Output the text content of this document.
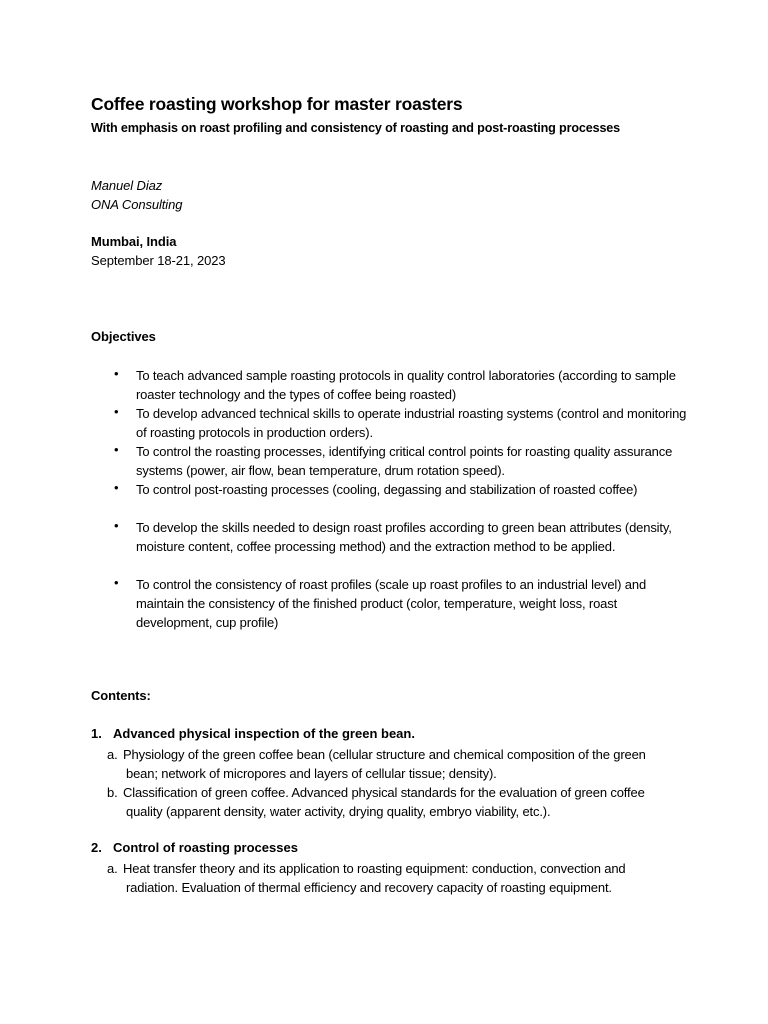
Coffee roasting workshop for master roasters
With emphasis on roast profiling and consistency of roasting and post-roasting processes
Manuel Diaz
ONA Consulting
Mumbai, India
September 18-21, 2023
Objectives
• To teach advanced sample roasting protocols in quality control laboratories (according to sample roaster technology and the types of coffee being roasted)
• To develop advanced technical skills to operate industrial roasting systems (control and monitoring of roasting protocols in production orders).
• To control the roasting processes, identifying critical control points for roasting quality assurance systems (power, air flow, bean temperature, drum rotation speed).
• To control post-roasting processes (cooling, degassing and stabilization of roasted coffee)
• To develop the skills needed to design roast profiles according to green bean attributes (density, moisture content, coffee processing method) and the extraction method to be applied.
• To control the consistency of roast profiles (scale up roast profiles to an industrial level) and maintain the consistency of the finished product (color, temperature, weight loss, roast development, cup profile)
Contents:
1. Advanced physical inspection of the green bean.
a. Physiology of the green coffee bean (cellular structure and chemical composition of the green bean; network of micropores and layers of cellular tissue; density).
b. Classification of green coffee. Advanced physical standards for the evaluation of green coffee quality (apparent density, water activity, drying quality, embryo viability, etc.).
2. Control of roasting processes
a. Heat transfer theory and its application to roasting equipment: conduction, convection and radiation. Evaluation of thermal efficiency and recovery capacity of roasting equipment.
